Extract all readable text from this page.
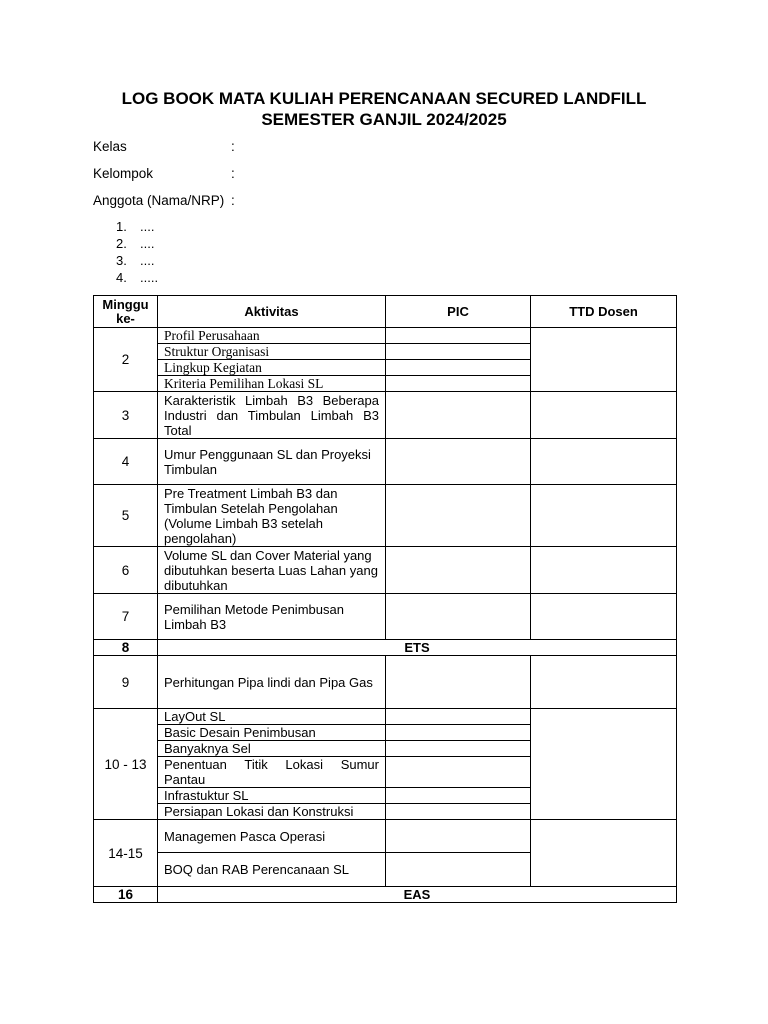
LOG BOOK MATA KULIAH PERENCANAAN SECURED LANDFILL
SEMESTER GANJIL 2024/2025
Kelas	:
Kelompok	:
Anggota (Nama/NRP) :
1. ....
2. ....
3. ....
4. .....
Minggu ke-	Aktivitas	PIC	TTD Dosen
2	Profil Perusahaan		
	Struktur Organisasi		
	Lingkup Kegiatan		
	Kriteria Pemilihan Lokasi SL		
3	Karakteristik Limbah B3 Beberapa Industri dan Timbulan Limbah B3 Total		
4	Umur Penggunaan SL dan Proyeksi Timbulan		
5	Pre Treatment Limbah B3 dan Timbulan Setelah Pengolahan (Volume Limbah B3 setelah pengolahan)		
6	Volume SL dan Cover Material yang dibutuhkan beserta Luas Lahan yang dibutuhkan		
7	Pemilihan Metode Penimbusan Limbah B3		
8	ETS		
9	Perhitungan Pipa lindi dan Pipa Gas		
10 - 13	LayOut SL		
	Basic Desain Penimbusan		
	Banyaknya Sel		
	Penentuan Titik Lokasi Sumur Pantau		
	Infrastuktur SL		
	Persiapan Lokasi dan Konstruksi		
14-15	Managemen Pasca Operasi		
	BOQ dan RAB Perencanaan SL		
16	EAS		
